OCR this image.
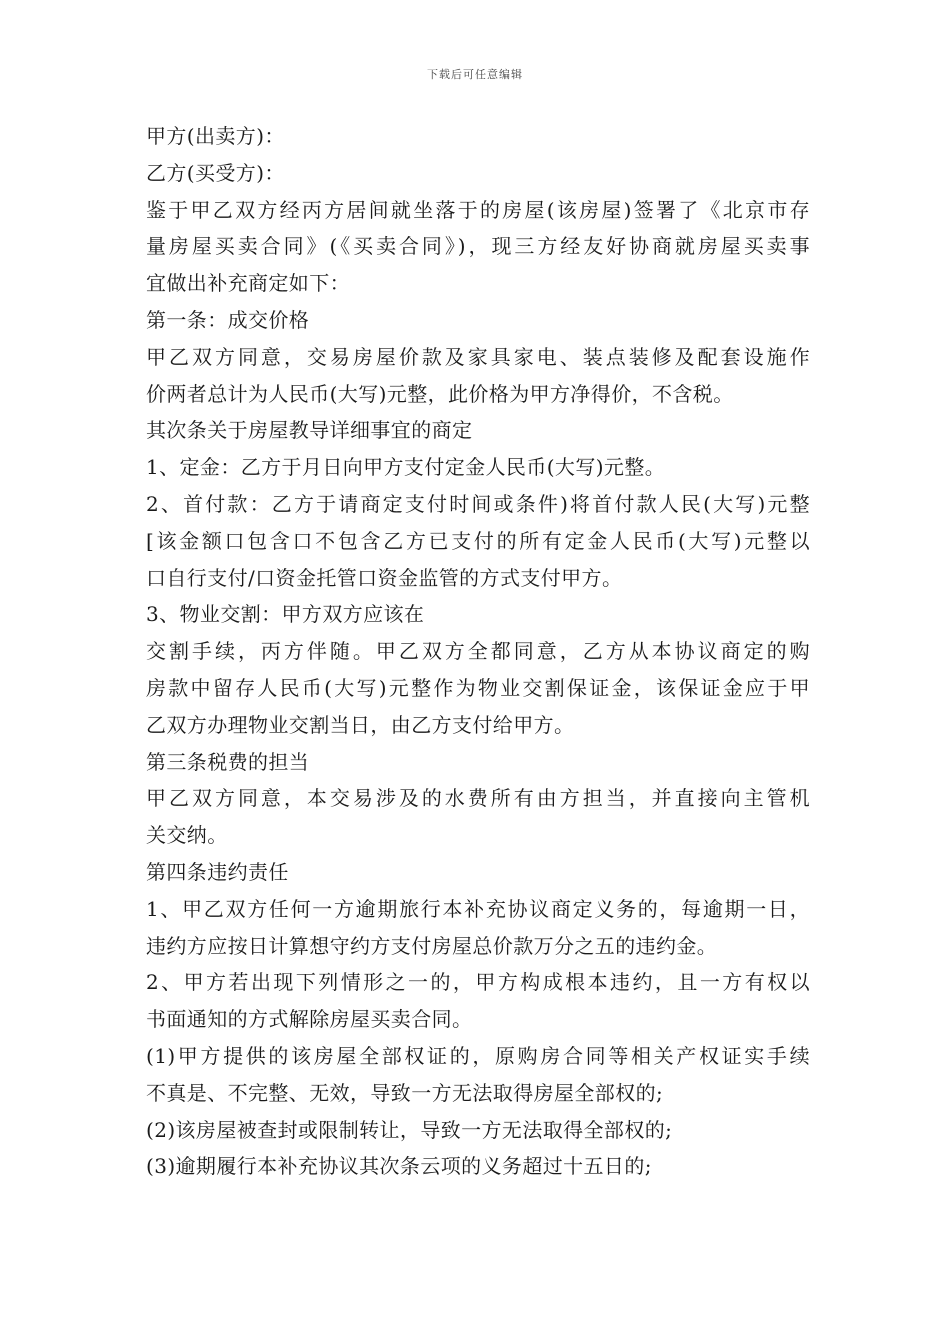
下载后可任意编辑
甲方(出卖方)：
乙方(买受方)：
鉴于甲乙双方经丙方居间就坐落于的房屋(该房屋)签署了《北京市存
量房屋买卖合同》(《买卖合同》)，现三方经友好协商就房屋买卖事
宜做出补充商定如下：
第一条：成交价格
甲乙双方同意，交易房屋价款及家具家电、装点装修及配套设施作
价两者总计为人民币(大写)元整，此价格为甲方净得价，不含税。
其次条关于房屋教导详细事宜的商定
1、定金：乙方于月日向甲方支付定金人民币(大写)元整。
2、首付款：乙方于请商定支付时间或条件)将首付款人民(大写)元整
[该金额口包含口不包含乙方已支付的所有定金人民币(大写)元整以
口自行支付/口资金托管口资金监管的方式支付甲方。
3、物业交割：甲方双方应该在
交割手续，丙方伴随。甲乙双方全都同意，乙方从本协议商定的购
房款中留存人民币(大写)元整作为物业交割保证金，该保证金应于甲
乙双方办理物业交割当日，由乙方支付给甲方。
第三条税费的担当
甲乙双方同意，本交易涉及的水费所有由方担当，并直接向主管机
关交纳。
第四条违约责任
1、甲乙双方任何一方逾期旅行本补充协议商定义务的，每逾期一日，
违约方应按日计算想守约方支付房屋总价款万分之五的违约金。
2、甲方若出现下列情形之一的，甲方构成根本违约，且一方有权以
书面通知的方式解除房屋买卖合同。
(1)甲方提供的该房屋全部权证的，原购房合同等相关产权证实手续
不真是、不完整、无效，导致一方无法取得房屋全部权的;
(2)该房屋被查封或限制转让，导致一方无法取得全部权的;
(3)逾期履行本补充协议其次条云项的义务超过十五日的;
